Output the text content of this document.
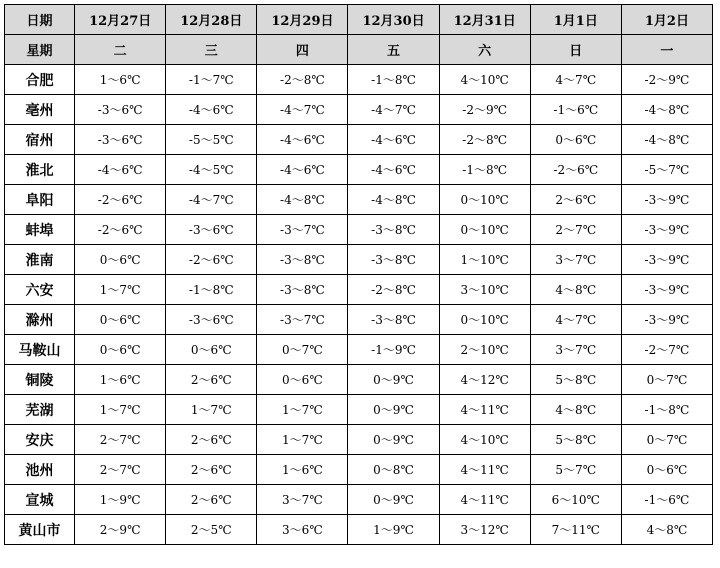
日期	12月27日	12月28日	12月29日	12月30日	12月31日	1月1日	1月2日
星期	二	三	四	五	六	日	一
合肥	1～6℃	-1～7℃	-2～8℃	-1～8℃	4～10℃	4～7℃	-2～9℃
亳州	-3～6℃	-4～6℃	-4～7℃	-4～7℃	-2～9℃	-1～6℃	-4～8℃
宿州	-3～6℃	-5～5℃	-4～6℃	-4～6℃	-2～8℃	0～6℃	-4～8℃
淮北	-4～6℃	-4～5℃	-4～6℃	-4～6℃	-1～8℃	-2～6℃	-5～7℃
阜阳	-2～6℃	-4～7℃	-4～8℃	-4～8℃	0～10℃	2～6℃	-3～9℃
蚌埠	-2～6℃	-3～6℃	-3～7℃	-3～8℃	0～10℃	2～7℃	-3～9℃
淮南	0～6℃	-2～6℃	-3～8℃	-3～8℃	1～10℃	3～7℃	-3～9℃
六安	1～7℃	-1～8℃	-3～8℃	-2～8℃	3～10℃	4～8℃	-3～9℃
滁州	0～6℃	-3～6℃	-3～7℃	-3～8℃	0～10℃	4～7℃	-3～9℃
马鞍山	0～6℃	0～6℃	0～7℃	-1～9℃	2～10℃	3～7℃	-2～7℃
铜陵	1～6℃	2～6℃	0～6℃	0～9℃	4～12℃	5～8℃	0～7℃
芜湖	1～7℃	1～7℃	1～7℃	0～9℃	4～11℃	4～8℃	-1～8℃
安庆	2～7℃	2～6℃	1～7℃	0～9℃	4～10℃	5～8℃	0～7℃
池州	2～7℃	2～6℃	1～6℃	0～8℃	4～11℃	5～7℃	0～6℃
宣城	1～9℃	2～6℃	3～7℃	0～9℃	4～11℃	6～10℃	-1～6℃
黄山市	2～9℃	2～5℃	3～6℃	1～9℃	3～12℃	7～11℃	4～8℃
